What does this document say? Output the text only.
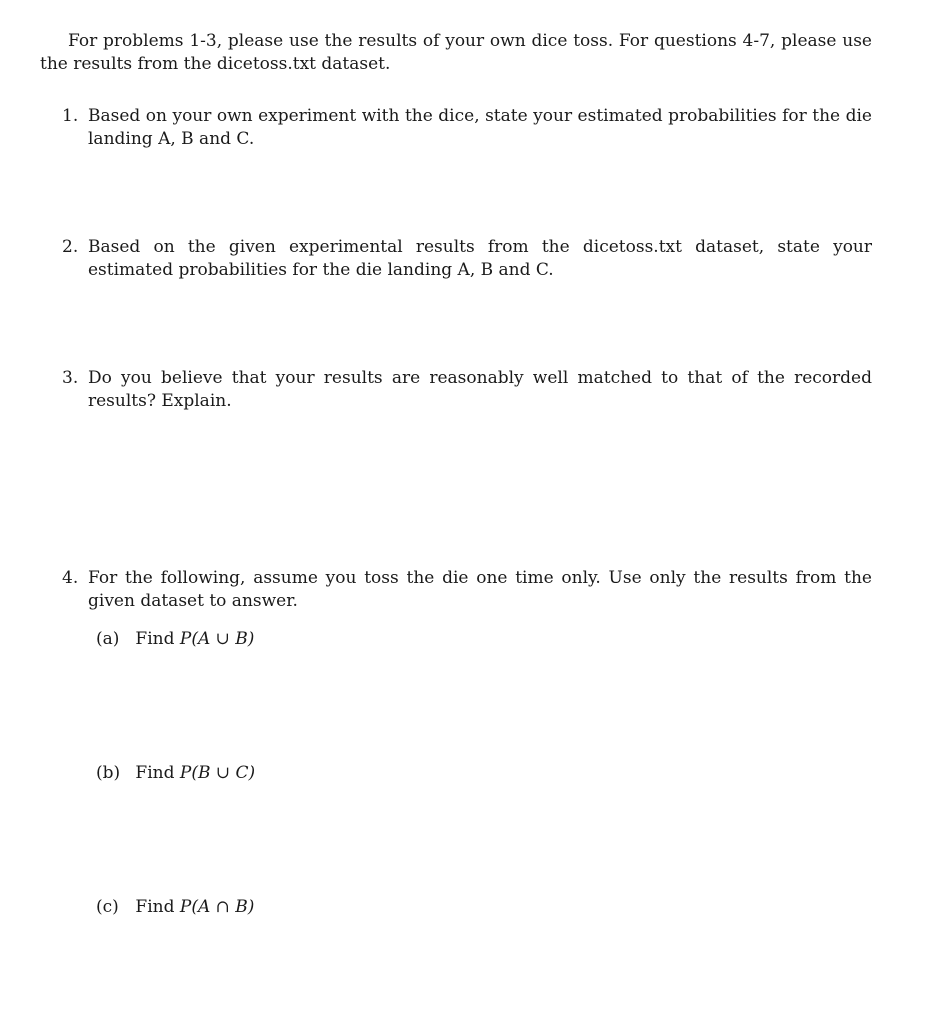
For problems 1-3, please use the results of your own dice toss. For questions 4-7, please use the results from the dicetoss.txt dataset.
1. Based on your own experiment with the dice, state your estimated probabilities for the die landing A, B and C.
2. Based on the given experimental results from the dicetoss.txt dataset, state your estimated probabilities for the die landing A, B and C.
3. Do you believe that your results are reasonably well matched to that of the recorded results? Explain.
4. For the following, assume you toss the die one time only. Use only the results from the given dataset to answer.
(a) Find P(A ∪ B)
(b) Find P(B ∪ C)
(c) Find P(A ∩ B)
